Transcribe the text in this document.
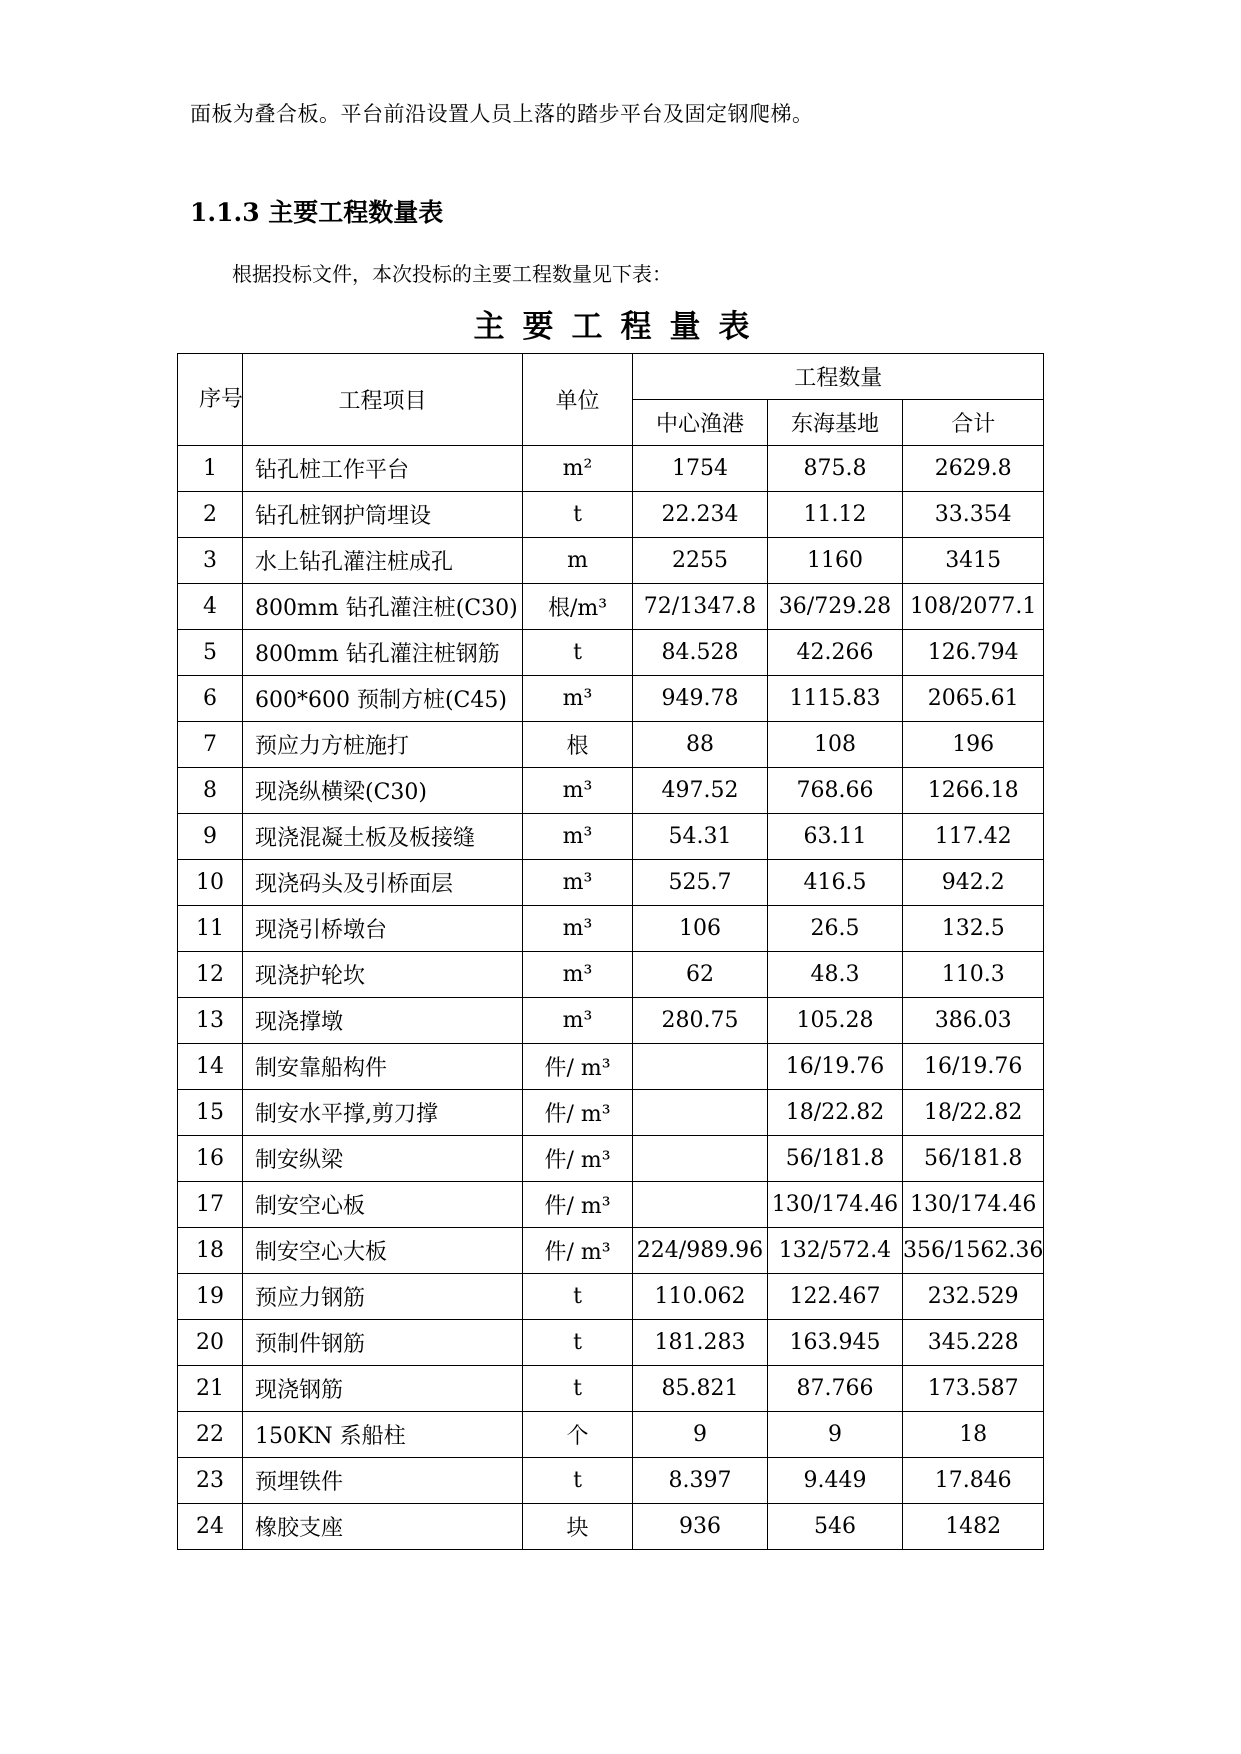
面板为叠合板。平台前沿设置人员上落的踏步平台及固定钢爬梯。
1.1.3 主要工程数量表
根据投标文件，本次投标的主要工程数量见下表：
主要工程量表
序号	工程项目	单位	工程数量		
			中心渔港	东海基地	合计
1	钻孔桩工作平台	m²	1754	875.8	2629.8
2	钻孔桩钢护筒埋设	t	22.234	11.12	33.354
3	水上钻孔灌注桩成孔	m	2255	1160	3415
4	800mm 钻孔灌注桩(C30)	根/m³	72/1347.8	36/729.28	108/2077.1
5	800mm 钻孔灌注桩钢筋	t	84.528	42.266	126.794
6	600*600 预制方桩(C45)	m³	949.78	1115.83	2065.61
7	预应力方桩施打	根	88	108	196
8	现浇纵横梁(C30)	m³	497.52	768.66	1266.18
9	现浇混凝土板及板接缝	m³	54.31	63.11	117.42
10	现浇码头及引桥面层	m³	525.7	416.5	942.2
11	现浇引桥墩台	m³	106	26.5	132.5
12	现浇护轮坎	m³	62	48.3	110.3
13	现浇撑墩	m³	280.75	105.28	386.03
14	制安靠船构件	件/ m³		16/19.76	16/19.76
15	制安水平撑,剪刀撑	件/ m³		18/22.82	18/22.82
16	制安纵梁	件/ m³		56/181.8	56/181.8
17	制安空心板	件/ m³		130/174.46	130/174.46
18	制安空心大板	件/ m³	224/989.96	132/572.4	356/1562.36
19	预应力钢筋	t	110.062	122.467	232.529
20	预制件钢筋	t	181.283	163.945	345.228
21	现浇钢筋	t	85.821	87.766	173.587
22	150KN 系船柱	个	9	9	18
23	预埋铁件	t	8.397	9.449	17.846
24	橡胶支座	块	936	546	1482
